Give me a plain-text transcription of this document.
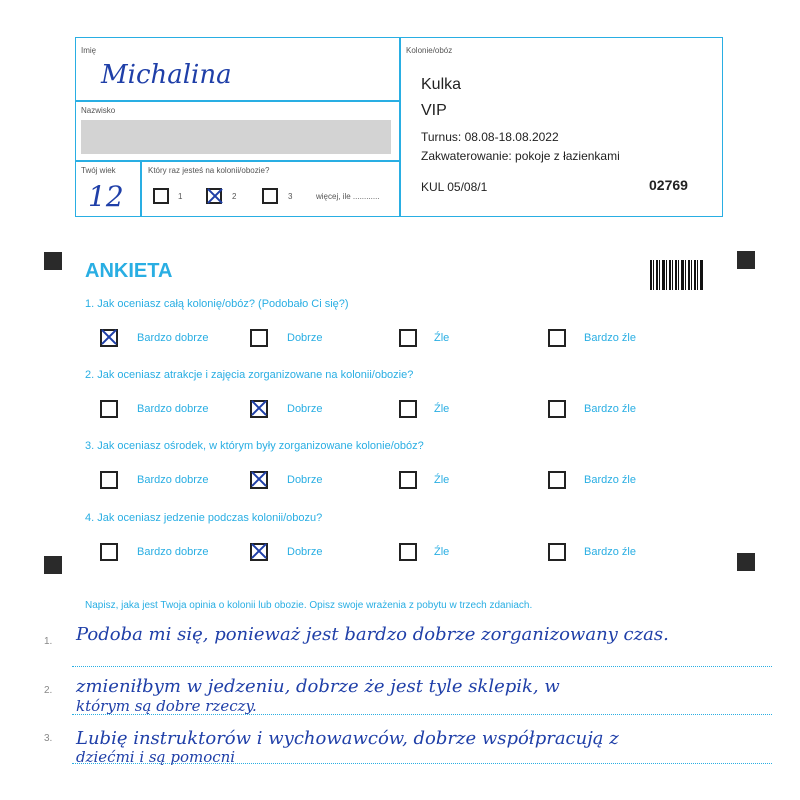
Imię
Michalina
Nazwisko
Twój wiek
12
Który raz jesteś na kolonii/obozie?
1	2	3	więcej, ile ............
Kolonie/obóz
Kulka
VIP
Turnus: 08.08-18.08.2022
Zakwaterowanie: pokoje z łazienkami
KUL 05/08/1	02769
ANKIETA
1. Jak oceniasz całą kolonię/obóz? (Podobało Ci się?)
Bardzo dobrze	Dobrze	Źle	Bardzo źle
2. Jak oceniasz atrakcje i zajęcia zorganizowane na kolonii/obozie?
Bardzo dobrze	Dobrze	Źle	Bardzo źle
3. Jak oceniasz ośrodek, w którym były zorganizowane kolonie/obóz?
Bardzo dobrze	Dobrze	Źle	Bardzo źle
4. Jak oceniasz jedzenie podczas kolonii/obozu?
Bardzo dobrze	Dobrze	Źle	Bardzo źle
Napisz, jaka jest Twoja opinia o kolonii lub obozie. Opisz swoje wrażenia z pobytu w trzech zdaniach.
1.
2.
3.
Podoba mi się, ponieważ jest bardzo dobrze zorganizowany czas.
zmieniłbym w jedzeniu, dobrze że jest tyle sklepik, w
którym są dobre rzeczy.
Lubię instruktorów i wychowawców, dobrze współpracują z
dziećmi i są pomocni
